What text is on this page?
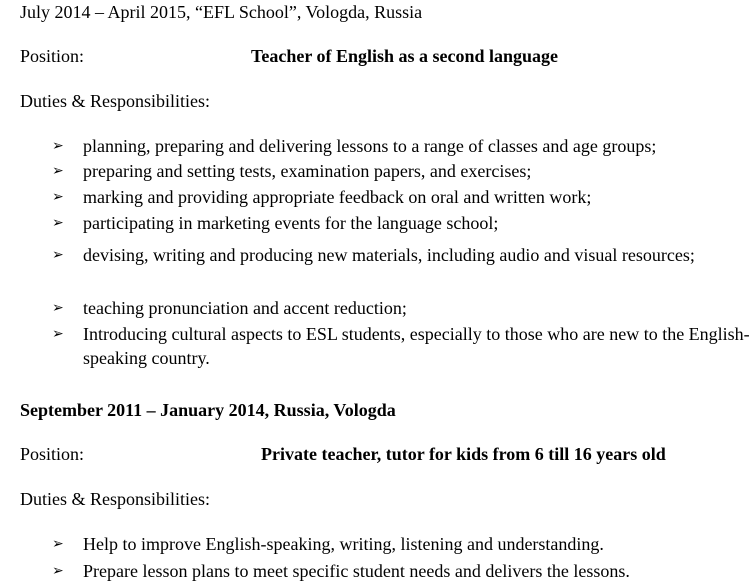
July 2014 – April 2015, “EFL School”, Vologda, Russia
Position:	Teacher of English as a second language
Duties & Responsibilities:
➢ planning, preparing and delivering lessons to a range of classes and age groups;
➢ preparing and setting tests, examination papers, and exercises;
➢ marking and providing appropriate feedback on oral and written work;
➢ participating in marketing events for the language school;
➢ devising, writing and producing new materials, including audio and visual resources;
➢ teaching pronunciation and accent reduction;
➢ Introducing cultural aspects to ESL students, especially to those who are new to the English-speaking country.
September 2011 – January 2014, Russia, Vologda
Position:	Private teacher, tutor for kids from 6 till 16 years old
Duties & Responsibilities:
➢ Help to improve English-speaking, writing, listening and understanding.
➢ Prepare lesson plans to meet specific student needs and delivers the lessons.
